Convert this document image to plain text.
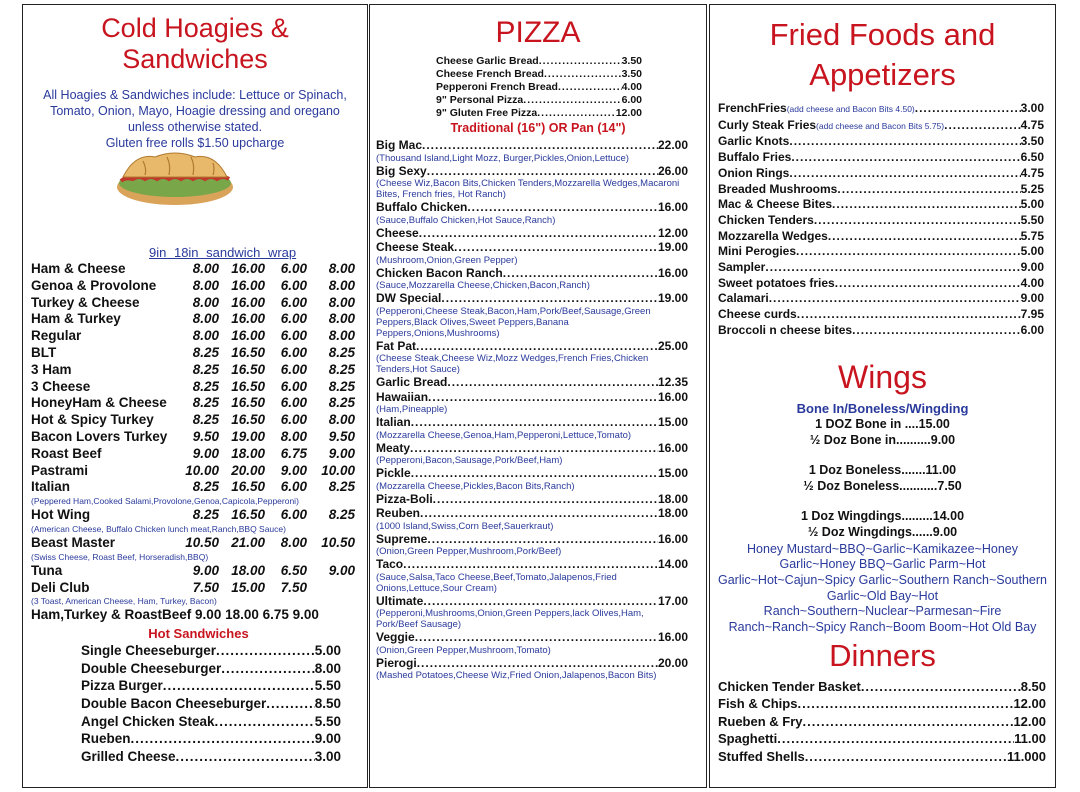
Cold Hoagies &
Sandwiches
All Hoagies & Sandwiches include: Lettuce or Spinach, Tomato, Onion, Mayo, Hoagie dressing and oregano unless otherwise stated.
Gluten free rolls $1.50 upcharge
9in 18in sandwich wrap
Ham & Cheese	8.00 16.00	6.00	8.00
Genoa & Provolone	8.00 16.00	6.00	8.00
Turkey & Cheese	8.00 16.00	6.00	8.00
Ham & Turkey	8.00 16.00	6.00	8.00
Regular	8.00 16.00	6.00	8.00
BLT	8.25 16.50	6.00	8.25
3 Ham	8.25 16.50	6.00	8.25
3 Cheese	8.25 16.50	6.00	8.25
HoneyHam & Cheese	8.25 16.50	6.00	8.25
Hot & Spicy Turkey	8.25 16.50	6.00	8.00
Bacon Lovers Turkey	9.50 19.00	8.00	9.50
Roast Beef	9.00 18.00	6.75	9.00
Pastrami	10.00 20.00	9.00	10.00
Italian	8.25 16.50	6.00	8.25
(Peppered Ham,Cooked Salami,Provolone,Genoa,Capicola,Pepperoni)
Hot Wing	8.25 16.50	6.00	8.25
(American Cheese, Buffalo Chicken lunch meat,Ranch,BBQ Sauce)
Beast Master	10.50 21.00	8.00	10.50
(Swiss Cheese, Roast Beef, Horseradish,BBQ)
Tuna	9.00 18.00	6.50	9.00
Deli Club	7.50 15.00	7.50
(3 Toast, American Cheese, Ham, Turkey, Bacon)
Ham,Turkey & RoastBeef 9.00 18.00 6.75 9.00
Hot Sandwiches
Single Cheeseburger .....	5.00
Double Cheeseburger .....	8.00
Pizza Burger .....	5.50
Double Bacon Cheeseburger .....	8.50
Angel Chicken Steak .....	5.50
Rueben .....	9.00
Grilled Cheese .....	3.00
PIZZA
Cheese Garlic Bread .....	3.50
Cheese French Bread .....	3.50
Pepperoni French Bread .....	4.00
9" Personal Pizza .....	6.00
9" Gluten Free Pizza .....	12.00
Traditional (16") OR Pan (14")
Big Mac .....	22.00
(Thousand Island,Light Mozz, Burger,Pickles,Onion,Lettuce)
Big Sexy .....	26.00
(Cheese Wiz,Bacon Bits,Chicken Tenders,Mozzarella Wedges,Macaroni Bites, French fries, Hot Ranch)
Buffalo Chicken .....	16.00
(Sauce,Buffalo Chicken,Hot Sauce,Ranch)
Cheese .....	12.00
Cheese Steak .....	19.00
(Mushroom,Onion,Green Pepper)
Chicken Bacon Ranch .....	16.00
(Sauce,Mozzarella Cheese,Chicken,Bacon,Ranch)
DW Special .....	19.00
(Pepperoni,Cheese Steak,Bacon,Ham,Pork/Beef,Sausage,Green Peppers,Black Olives,Sweet Peppers,Banana Peppers,Onions,Mushrooms)
Fat Pat .....	25.00
(Cheese Steak,Cheese Wiz,Mozz Wedges,French Fries,Chicken Tenders,Hot Sauce)
Garlic Bread .....	12.35
Hawaiian .....	16.00
(Ham,Pineapple)
Italian .....	15.00
(Mozzarella Cheese,Genoa,Ham,Pepperoni,Lettuce,Tomato)
Meaty .....	16.00
(Pepperoni,Bacon,Sausage,Pork/Beef,Ham)
Pickle .....	15.00
(Mozzarella Cheese,Pickles,Bacon Bits,Ranch)
Pizza-Boli .....	18.00
Reuben .....	18.00
(1000 Island,Swiss,Corn Beef,Sauerkraut)
Supreme .....	16.00
(Onion,Green Pepper,Mushroom,Pork/Beef)
Taco .....	14.00
(Sauce,Salsa,Taco Cheese,Beef,Tomato,Jalapenos,Fried Onions,Lettuce,Sour Cream)
Ultimate .....	17.00
(Pepperoni,Mushrooms,Onion,Green Peppers,lack Olives,Ham, Pork/Beef Sausage)
Veggie .....	16.00
(Onion,Green Pepper,Mushroom,Tomato)
Pierogi .....	20.00
(Mashed Potatoes,Cheese Wiz,Fried Onion,Jalapenos,Bacon Bits)
Fried Foods and
Appetizers
FrenchFries(add cheese and Bacon Bits 4.50) .....	3.00
Curly Steak Fries(add cheese and Bacon Bits 5.75) .....	4.75
Garlic Knots .....	3.50
Buffalo Fries .....	6.50
Onion Rings .....	4.75
Breaded Mushrooms .....	5.25
Mac & Cheese Bites .....	5.00
Chicken Tenders .....	5.50
Mozzarella Wedges .....	5.75
Mini Perogies .....	5.00
Sampler .....	9.00
Sweet potatoes fries .....	4.00
Calamari .....	9.00
Cheese curds .....	7.95
Broccoli n cheese bites .....	6.00
Wings
Bone In/Boneless/Wingding
1 DOZ Bone in ....15.00
½ Doz Bone in..........9.00
1 Doz Boneless.......11.00
½ Doz Boneless...........7.50
1 Doz Wingdings.........14.00
½ Doz Wingdings......9.00
Honey Mustard~BBQ~Garlic~Kamikazee~Honey Garlic~Honey BBQ~Garlic Parm~Hot Garlic~Hot~Cajun~Spicy Garlic~Southern Ranch~Southern Garlic~Old Bay~Hot Ranch~Southern~Nuclear~Parmesan~Fire Ranch~Ranch~Spicy Ranch~Boom Boom~Hot Old Bay
Dinners
Chicken Tender Basket .....	8.50
Fish & Chips .....	12.00
Rueben & Fry .....	12.00
Spaghetti .....	11.00
Stuffed Shells .....	11.000
